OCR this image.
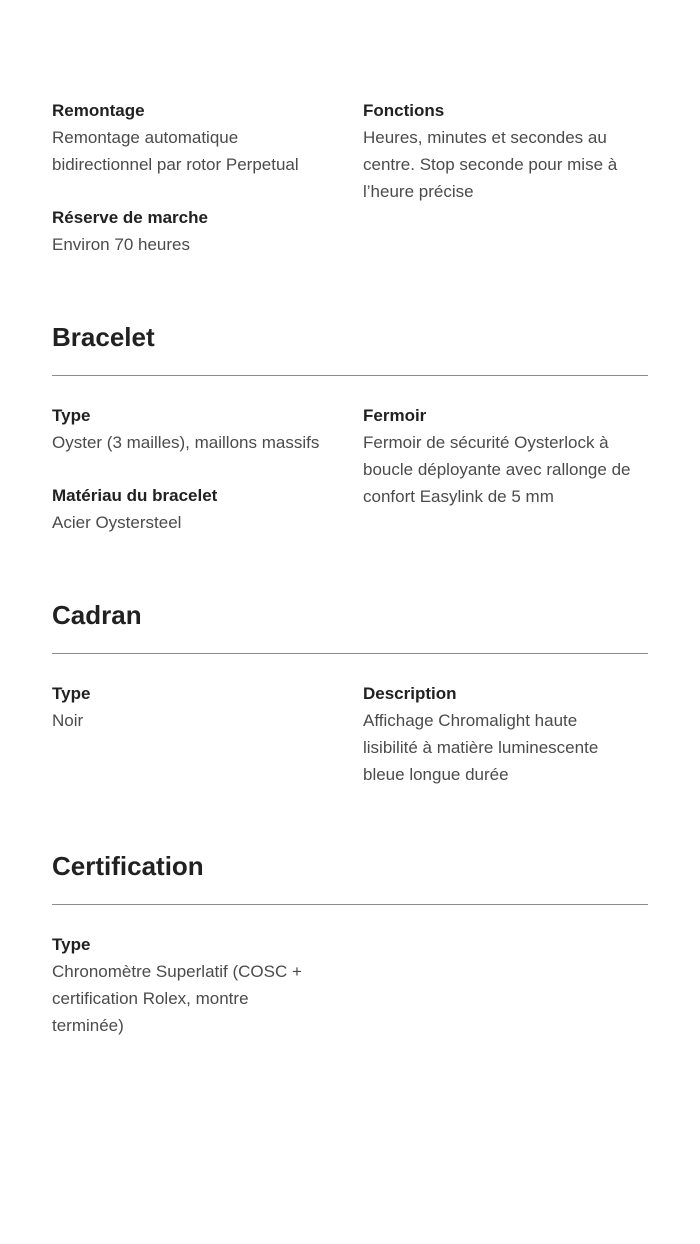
Remontage
Remontage automatique bidirectionnel par rotor Perpetual
Réserve de marche
Environ 70 heures
Fonctions
Heures, minutes et secondes au centre. Stop seconde pour mise à l’heure précise
Bracelet
Type
Oyster (3 mailles), maillons massifs
Matériau du bracelet
Acier Oystersteel
Fermoir
Fermoir de sécurité Oysterlock à boucle déployante avec rallonge de confort Easylink de 5 mm
Cadran
Type
Noir
Description
Affichage Chromalight haute lisibilité à matière luminescente bleue longue durée
Certification
Type
Chronomètre Superlatif (COSC + certification Rolex, montre terminée)
